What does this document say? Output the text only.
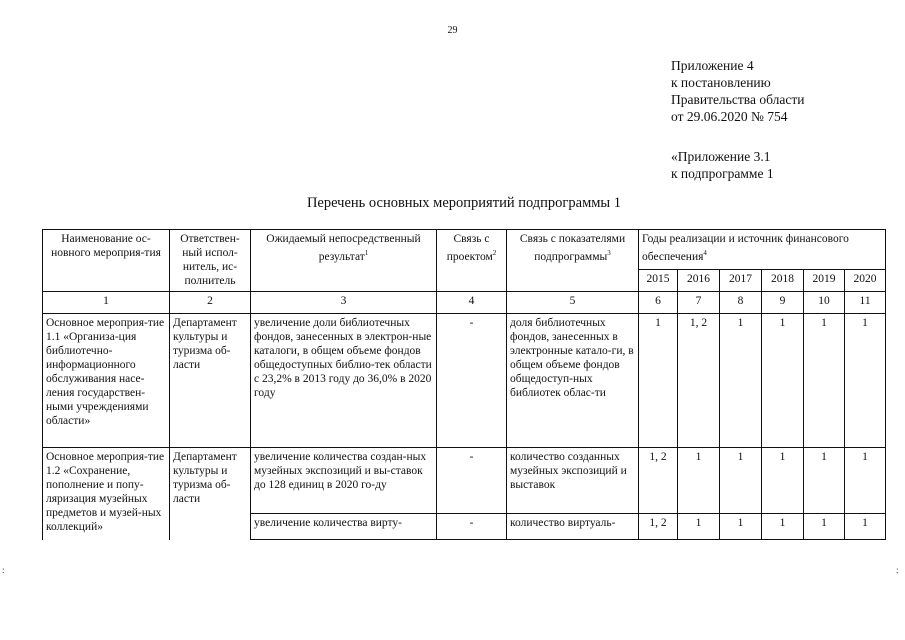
29
Приложение 4
к постановлению
Правительства области
от 29.06.2020 № 754
«Приложение 3.1
к подпрограмме 1
Перечень основных мероприятий подпрограммы 1
:	:
Наименование ос-новного мероприя-тия	Ответствен-ный испол-нитель, ис-полнитель	Ожидаемый непосредственный результат$^1$	Связь с проектом$^2$	Связь с показателями подпрограммы$^3$	Годы реализации и источник финансового обеспечения$^4$
					2015	2016	2017	2018	2019	2020
1	2	3	4	5	6	7	8	9	10	11
Основное мероприя-тие 1.1 «Организа-ция библиотечно-информационного обслуживания насе-ления государствен-ными учреждениями области»	Департамент культуры и туризма об-ласти	увеличение доли библиотечных фондов, занесенных в электрон-ные каталоги, в общем объеме фондов общедоступных библио-тек области с 23,2% в 2013 году до 36,0% в 2020 году	-	доля библиотечных фондов, занесенных в электронные катало-ги, в общем объеме фондов общедоступ-ных библиотек облас-ти	1	1, 2	1	1	1	1
Основное мероприя-тие 1.2 «Сохранение, пополнение и попу-ляризация музейных предметов и музей-ных коллекций»	Департамент культуры и туризма об-ласти	увеличение количества создан-ных музейных экспозиций и вы-ставок до 128 единиц в 2020 го-ду	-	количество созданных музейных экспозиций и выставок	1, 2	1	1	1	1	1
		увеличение количества вирту-	-	количество виртуаль-	1, 2	1	1	1	1	1
